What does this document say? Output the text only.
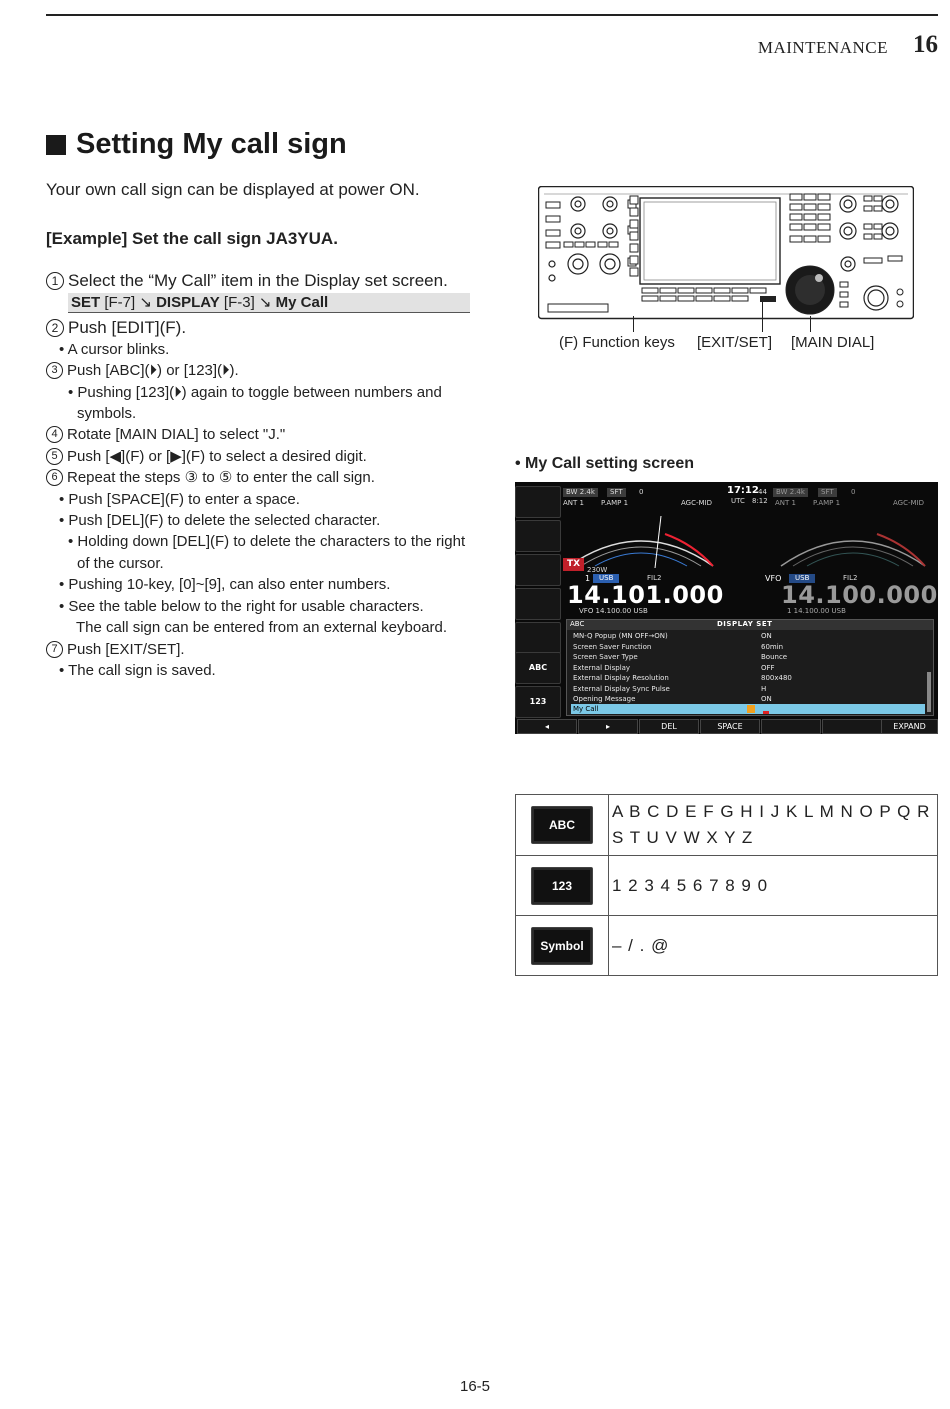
MAINTENANCE 16
Setting My call sign
Your own call sign can be displayed at power ON.
[Example] Set the call sign JA3YUA.
1 Select the “My Call” item in the Display set screen.
SET [F-7] ↘ DISPLAY [F-3] ↘ My Call
2 Push [EDIT](F).
• A cursor blinks.
3 Push [ABC](⏵) or [123](⏵).
• Pushing [123](⏵) again to toggle between numbers and symbols.
4 Rotate [MAIN DIAL] to select "J."
5 Push [◀](F) or [▶](F) to select a desired digit.
6 Repeat the steps ③ to ⑤ to enter the call sign.
• Push [SPACE](F) to enter a space.
• Push [DEL](F) to delete the selected character.
• Holding down [DEL](F) to delete the characters to the right of the cursor.
• Pushing 10-key, [0]~[9], can also enter numbers.
• See the table below to the right for usable characters.
The call sign can be entered from an external keyboard.
7 Push [EXIT/SET].
• The call sign is saved.
(F) Function keys [EXIT/SET] [MAIN DIAL]
• My Call setting screen
ABC
123
BW 2.4k	SFT	0
ANT 1 P.AMP 1	AGC-MID
17:12 44
UTC 8:12
BW 2.4k	SFT	0
ANT 1 P.AMP 1	AGC-MID
TX
230W
1	USB	FIL2
14.101.000
VFO 14.100.00 USB
VFO	USB	FIL2
14.100.000
1 14.100.00 USB
ABC	DISPLAY SET
MN-Q Popup (MN OFF→ON)	ON
Screen Saver Function	60min
Screen Saver Type	Bounce
External Display	OFF
External Display Resolution	800x480
External Display Sync Pulse	H
Opening Message	ON
My Call
◂	▸	DEL	SPACE	EXPAND
ABC	A B C D E F G H I J K L M N O P Q R S T U V W X Y Z
123	1 2 3 4 5 6 7 8 9 0
Symbol	– / . @
16-5
